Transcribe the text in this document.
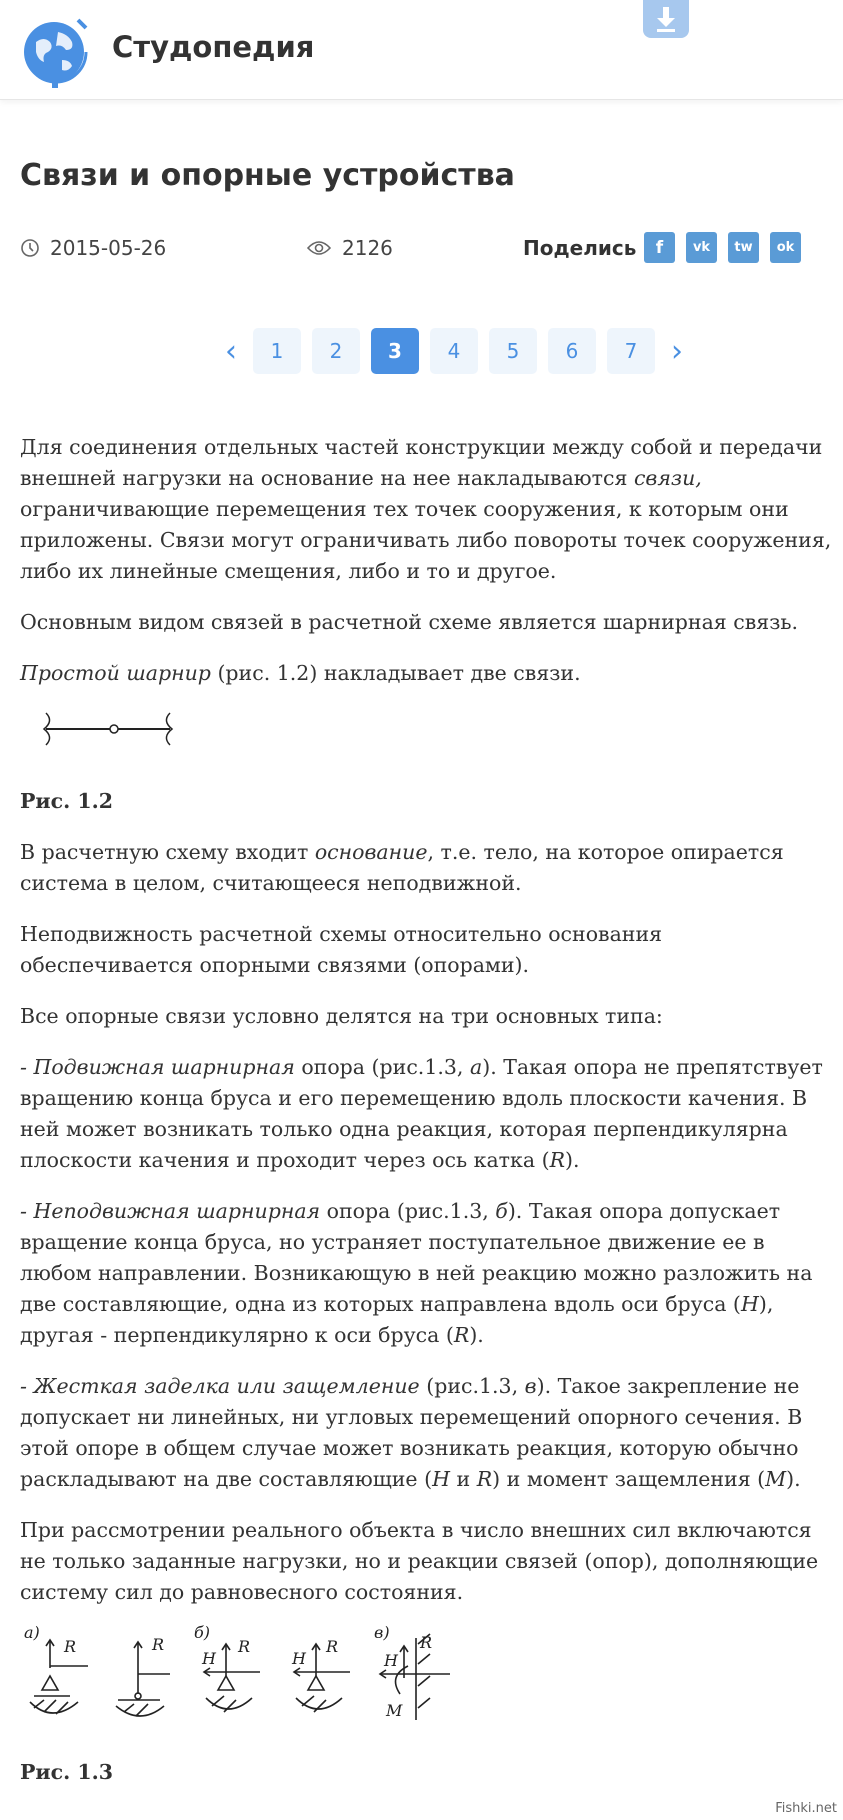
Студопедия
Связи и опорные устройства
2015-05-26	2126	Поделись	f	vk	tw	ok
‹	1	2	3	4	5	6	7	›

Для соединения отдельных частей конструкции между собой и передачи внешней нагрузки на основание на нее накладываются связи, ограничивающие перемещения тех точек сооружения, к которым они приложены. Связи могут ограничивать либо повороты точек сооружения, либо их линейные смещения, либо и то и другое.

Основным видом связей в расчетной схеме является шарнирная связь.

Простой шарнир (рис. 1.2) накладывает две связи.

Рис. 1.2

В расчетную схему входит основание, т.е. тело, на которое опирается система в целом, считающееся неподвижной.

Неподвижность расчетной схемы относительно основания обеспечивается опорными связями (опорами).

Все опорные связи условно делятся на три основных типа:

- Подвижная шарнирная опора (рис.1.3, а). Такая опора не препятствует вращению конца бруса и его перемещению вдоль плоскости качения. В ней может возникать только одна реакция, которая перпендикулярна плоскости качения и проходит через ось катка (R).

- Неподвижная шарнирная опора (рис.1.3, б). Такая опора допускает вращение конца бруса, но устраняет поступательное движение ее в любом направлении. Возникающую в ней реакцию можно разложить на две составляющие, одна из которых направлена вдоль оси бруса (H), другая - перпендикулярно к оси бруса (R).

- Жесткая заделка или защемление (рис.1.3, в). Такое закрепление не допускает ни линейных, ни угловых перемещений опорного сечения. В этой опоре в общем случае может возникать реакция, которую обычно раскладывают на две составляющие (H и R) и момент защемления (M).

При рассмотрении реального объекта в число внешних сил включаются не только заданные нагрузки, но и реакции связей (опор), дополняющие систему сил до равновесного состояния.

а)	б)	в)
R	R
H
R
H
R
H
R
M
Рис. 1.3
Fishki.net
